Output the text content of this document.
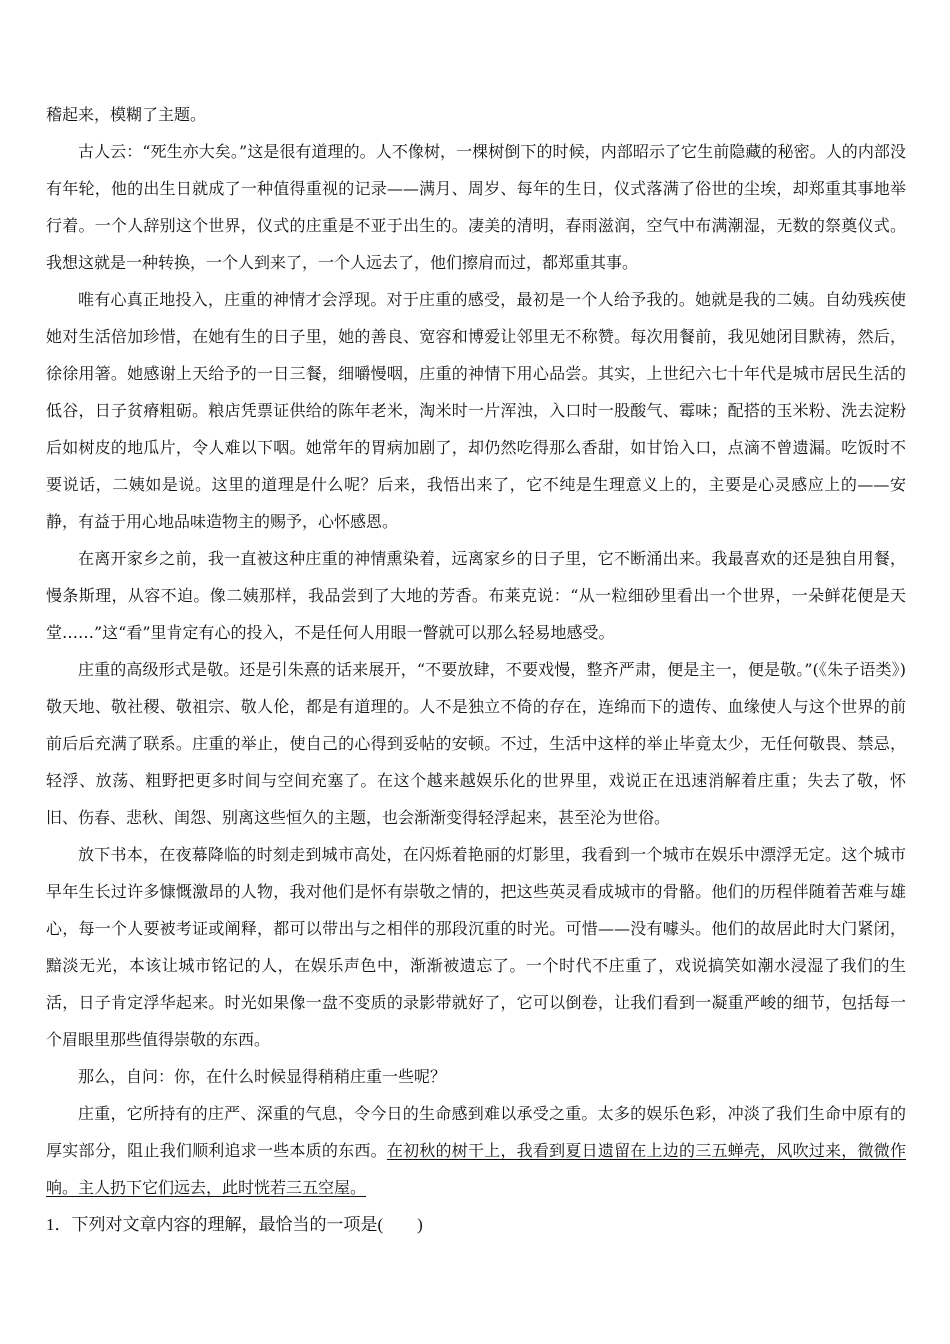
稽起来，模糊了主题。

古人云：“死生亦大矣。”这是很有道理的。人不像树，一棵树倒下的时候，内部昭示了它生前隐藏的秘密。人的内部没有年轮，他的出生日就成了一种值得重视的记录——满月、周岁、每年的生日，仪式落满了俗世的尘埃，却郑重其事地举行着。一个人辞别这个世界，仪式的庄重是不亚于出生的。凄美的清明，春雨滋润，空气中布满潮湿，无数的祭奠仪式。我想这就是一种转换，一个人到来了，一个人远去了，他们擦肩而过，都郑重其事。

唯有心真正地投入，庄重的神情才会浮现。对于庄重的感受，最初是一个人给予我的。她就是我的二姨。自幼残疾使她对生活倍加珍惜，在她有生的日子里，她的善良、宽容和博爱让邻里无不称赞。每次用餐前，我见她闭目默祷，然后，徐徐用箸。她感谢上天给予的一日三餐，细嚼慢咽，庄重的神情下用心品尝。其实，上世纪六七十年代是城市居民生活的低谷，日子贫瘠粗砺。粮店凭票证供给的陈年老米，淘米时一片浑浊，入口时一股酸气、霉味；配搭的玉米粉、洗去淀粉后如树皮的地瓜片，令人难以下咽。她常年的胃病加剧了，却仍然吃得那么香甜，如甘饴入口，点滴不曾遗漏。吃饭时不要说话，二姨如是说。这里的道理是什么呢？后来，我悟出来了，它不纯是生理意义上的，主要是心灵感应上的——安静，有益于用心地品味造物主的赐予，心怀感恩。

在离开家乡之前，我一直被这种庄重的神情熏染着，远离家乡的日子里，它不断涌出来。我最喜欢的还是独自用餐，慢条斯理，从容不迫。像二姨那样，我品尝到了大地的芳香。布莱克说：“从一粒细砂里看出一个世界，一朵鲜花便是天堂……”这“看”里肯定有心的投入，不是任何人用眼一瞥就可以那么轻易地感受。

庄重的高级形式是敬。还是引朱熹的话来展开，“不要放肆，不要戏慢，整齐严肃，便是主一，便是敬。”(《朱子语类》)敬天地、敬社稷、敬祖宗、敬人伦，都是有道理的。人不是独立不倚的存在，连绵而下的遗传、血缘使人与这个世界的前前后后充满了联系。庄重的举止，使自己的心得到妥帖的安顿。不过，生活中这样的举止毕竟太少，无任何敬畏、禁忌，轻浮、放荡、粗野把更多时间与空间充塞了。在这个越来越娱乐化的世界里，戏说正在迅速消解着庄重；失去了敬，怀旧、伤春、悲秋、闺怨、别离这些恒久的主题，也会渐渐变得轻浮起来，甚至沦为世俗。

放下书本，在夜幕降临的时刻走到城市高处，在闪烁着艳丽的灯影里，我看到一个城市在娱乐中漂浮无定。这个城市早年生长过许多慷慨激昂的人物，我对他们是怀有崇敬之情的，把这些英灵看成城市的骨骼。他们的历程伴随着苦难与雄心，每一个人要被考证或阐释，都可以带出与之相伴的那段沉重的时光。可惜——没有噱头。他们的故居此时大门紧闭，黯淡无光，本该让城市铭记的人，在娱乐声色中，渐渐被遗忘了。一个时代不庄重了，戏说搞笑如潮水浸湿了我们的生活，日子肯定浮华起来。时光如果像一盘不变质的录影带就好了，它可以倒卷，让我们看到一凝重严峻的细节，包括每一个眉眼里那些值得崇敬的东西。

那么，自问：你，在什么时候显得稍稍庄重一些呢？

庄重，它所持有的庄严、深重的气息，令今日的生命感到难以承受之重。太多的娱乐色彩，冲淡了我们生命中原有的厚实部分，阻止我们顺利追求一些本质的东西。在初秋的树干上，我看到夏日遗留在上边的三五蝉壳，风吹过来，微微作响。主人扔下它们远去，此时恍若三五空屋。

1．下列对文章内容的理解，最恰当的一项是(　　)
